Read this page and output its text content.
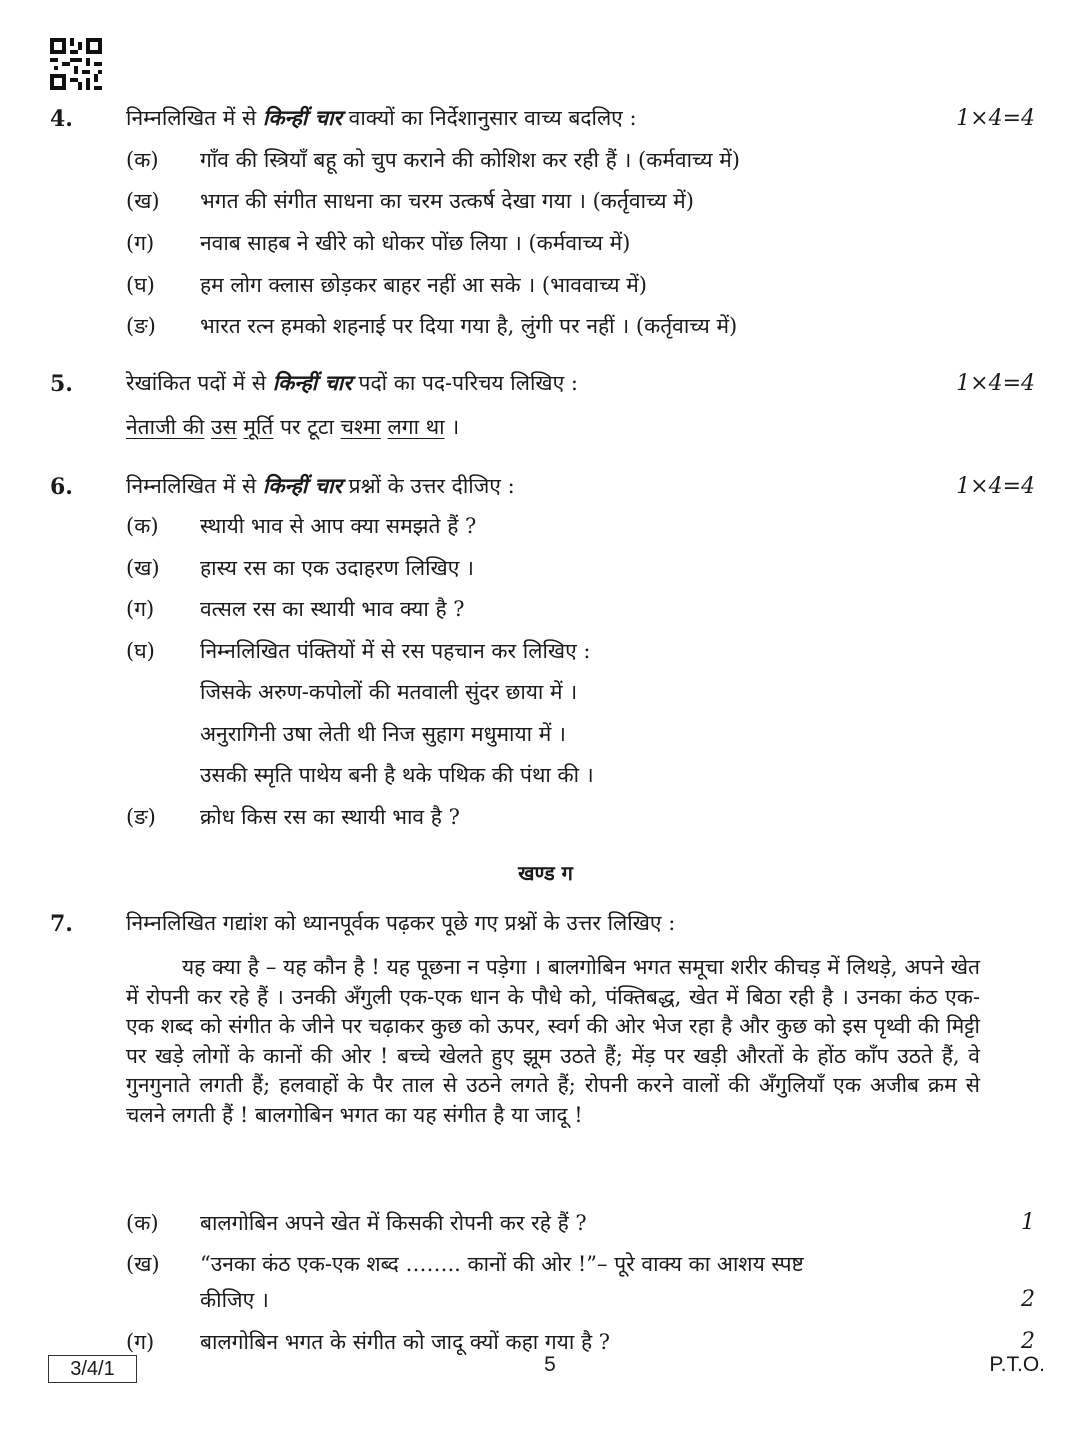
4.	निम्नलिखित में से किन्हीं चार वाक्यों का निर्देशानुसार वाच्य बदलिए :	1×4=4
(क) गाँव की स्त्रियाँ बहू को चुप कराने की कोशिश कर रही हैं । (कर्मवाच्य में)
(ख) भगत की संगीत साधना का चरम उत्कर्ष देखा गया । (कर्तृवाच्य में)
(ग) नवाब साहब ने खीरे को धोकर पोंछ लिया । (कर्मवाच्य में)
(घ) हम लोग क्लास छोड़कर बाहर नहीं आ सके । (भाववाच्य में)
(ङ) भारत रत्न हमको शहनाई पर दिया गया है, लुंगी पर नहीं । (कर्तृवाच्य में)
5.	रेखांकित पदों में से किन्हीं चार पदों का पद-परिचय लिखिए :	1×4=4
नेताजी की उस मूर्ति पर टूटा चश्मा लगा था ।
6.	निम्नलिखित में से किन्हीं चार प्रश्नों के उत्तर दीजिए :	1×4=4
(क) स्थायी भाव से आप क्या समझते हैं ?
(ख) हास्य रस का एक उदाहरण लिखिए ।
(ग) वत्सल रस का स्थायी भाव क्या है ?
(घ) निम्नलिखित पंक्तियों में से रस पहचान कर लिखिए :
जिसके अरुण-कपोलों की मतवाली सुंदर छाया में ।
अनुरागिनी उषा लेती थी निज सुहाग मधुमाया में ।
उसकी स्मृति पाथेय बनी है थके पथिक की पंथा की ।
(ङ) क्रोध किस रस का स्थायी भाव है ?
खण्ड ग
7.	निम्नलिखित गद्यांश को ध्यानपूर्वक पढ़कर पूछे गए प्रश्नों के उत्तर लिखिए :
यह क्या है – यह कौन है ! यह पूछना न पड़ेगा । बालगोबिन भगत समूचा शरीर कीचड़ में लिथड़े, अपने खेत में रोपनी कर रहे हैं । उनकी अँगुली एक-एक धान के पौधे को, पंक्तिबद्ध, खेत में बिठा रही है । उनका कंठ एक-एक शब्द को संगीत के जीने पर चढ़ाकर कुछ को ऊपर, स्वर्ग की ओर भेज रहा है और कुछ को इस पृथ्वी की मिट्टी पर खड़े लोगों के कानों की ओर ! बच्चे खेलते हुए झूम उठते हैं; मेंड़ पर खड़ी औरतों के होंठ काँप उठते हैं, वे गुनगुनाते लगती हैं; हलवाहों के पैर ताल से उठने लगते हैं; रोपनी करने वालों की अँगुलियाँ एक अजीब क्रम से चलने लगती हैं ! बालगोबिन भगत का यह संगीत है या जादू !
(क) बालगोबिन अपने खेत में किसकी रोपनी कर रहे हैं ?	1
(ख) “उनका कंठ एक-एक शब्द …….. कानों की ओर !”– पूरे वाक्य का आशय स्पष्ट
कीजिए ।	2
(ग) बालगोबिन भगत के संगीत को जादू क्यों कहा गया है ?	2
3/4/1	5	P.T.O.
